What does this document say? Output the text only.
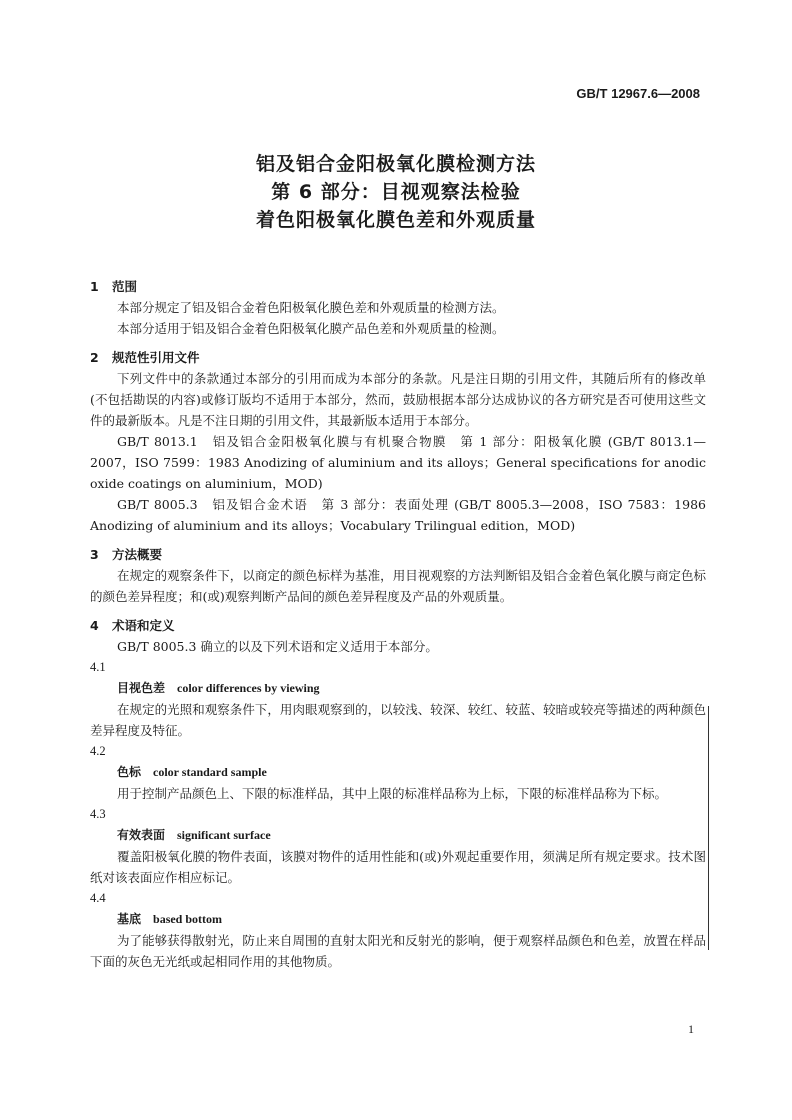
GB/T 12967.6—2008
铝及铝合金阳极氧化膜检测方法
第 6 部分：目视观察法检验
着色阳极氧化膜色差和外观质量
1 范围
本部分规定了铝及铝合金着色阳极氧化膜色差和外观质量的检测方法。
本部分适用于铝及铝合金着色阳极氧化膜产品色差和外观质量的检测。
2 规范性引用文件
下列文件中的条款通过本部分的引用而成为本部分的条款。凡是注日期的引用文件，其随后所有的修改单(不包括勘误的内容)或修订版均不适用于本部分，然而，鼓励根据本部分达成协议的各方研究是否可使用这些文件的最新版本。凡是不注日期的引用文件，其最新版本适用于本部分。
GB/T 8013.1　铝及铝合金阳极氧化膜与有机聚合物膜　第 1 部分：阳极氧化膜 (GB/T 8013.1—2007，ISO 7599：1983 Anodizing of aluminium and its alloys；General specifications for anodic oxide coatings on aluminium，MOD)
GB/T 8005.3　铝及铝合金术语　第 3 部分：表面处理 (GB/T 8005.3—2008，ISO 7583：1986 Anodizing of aluminium and its alloys；Vocabulary Trilingual edition，MOD)
3 方法概要
在规定的观察条件下，以商定的颜色标样为基准，用目视观察的方法判断铝及铝合金着色氧化膜与商定色标的颜色差异程度；和(或)观察判断产品间的颜色差异程度及产品的外观质量。
4 术语和定义
GB/T 8005.3 确立的以及下列术语和定义适用于本部分。
4.1
目视色差 color differences by viewing
在规定的光照和观察条件下，用肉眼观察到的，以较浅、较深、较红、较蓝、较暗或较亮等描述的两种颜色差异程度及特征。
4.2
色标 color standard sample
用于控制产品颜色上、下限的标准样品，其中上限的标准样品称为上标，下限的标准样品称为下标。
4.3
有效表面 significant surface
覆盖阳极氧化膜的物件表面，该膜对物件的适用性能和(或)外观起重要作用，须满足所有规定要求。技术图纸对该表面应作相应标记。
4.4
基底 based bottom
为了能够获得散射光，防止来自周围的直射太阳光和反射光的影响，便于观察样品颜色和色差，放置在样品下面的灰色无光纸或起相同作用的其他物质。
1
